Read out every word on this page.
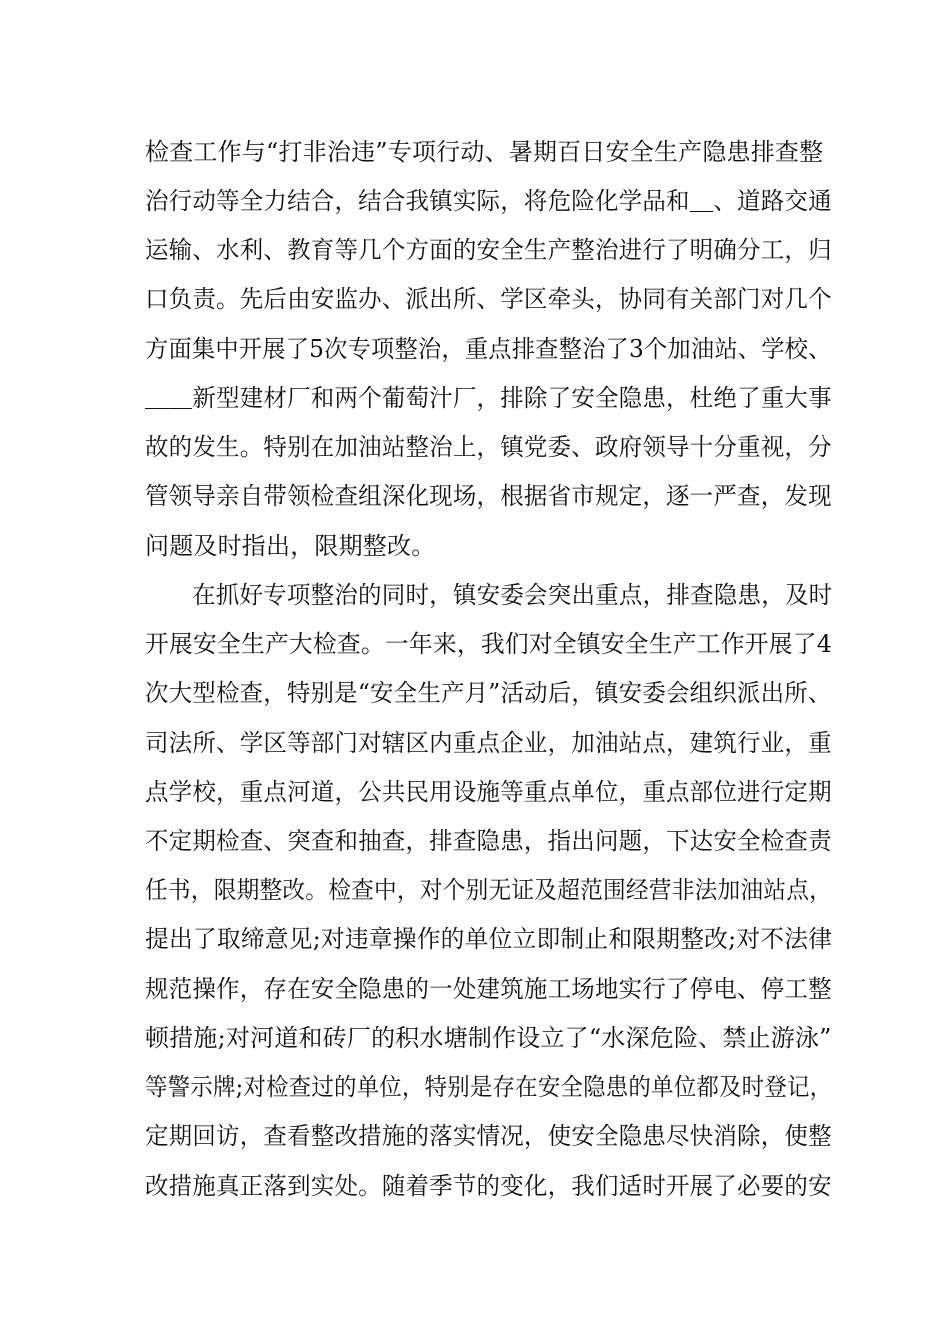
检查工作与“打非治违”专项行动、暑期百日安全生产隐患排查整
治行动等全力结合，结合我镇实际，将危险化学品和＿、道路交通
运输、水利、教育等几个方面的安全生产整治进行了明确分工，归
口负责。先后由安监办、派出所、学区牵头，协同有关部门对几个
方面集中开展了5次专项整治，重点排查整治了3个加油站、学校、
＿＿新型建材厂和两个葡萄汁厂，排除了安全隐患，杜绝了重大事
故的发生。特别在加油站整治上，镇党委、政府领导十分重视，分
管领导亲自带领检查组深化现场，根据省市规定，逐一严查，发现
问题及时指出，限期整改。
在抓好专项整治的同时，镇安委会突出重点，排查隐患，及时
开展安全生产大检查。一年来，我们对全镇安全生产工作开展了4
次大型检查，特别是“安全生产月”活动后，镇安委会组织派出所、
司法所、学区等部门对辖区内重点企业，加油站点，建筑行业，重
点学校，重点河道，公共民用设施等重点单位，重点部位进行定期
不定期检查、突查和抽查，排查隐患，指出问题，下达安全检查责
任书，限期整改。检查中，对个别无证及超范围经营非法加油站点，
提出了取缔意见;对违章操作的单位立即制止和限期整改;对不法律
规范操作，存在安全隐患的一处建筑施工场地实行了停电、停工整
顿措施;对河道和砖厂的积水塘制作设立了“水深危险、禁止游泳”
等警示牌;对检查过的单位，特别是存在安全隐患的单位都及时登记，
定期回访，查看整改措施的落实情况，使安全隐患尽快消除，使整
改措施真正落到实处。随着季节的变化，我们适时开展了必要的安
